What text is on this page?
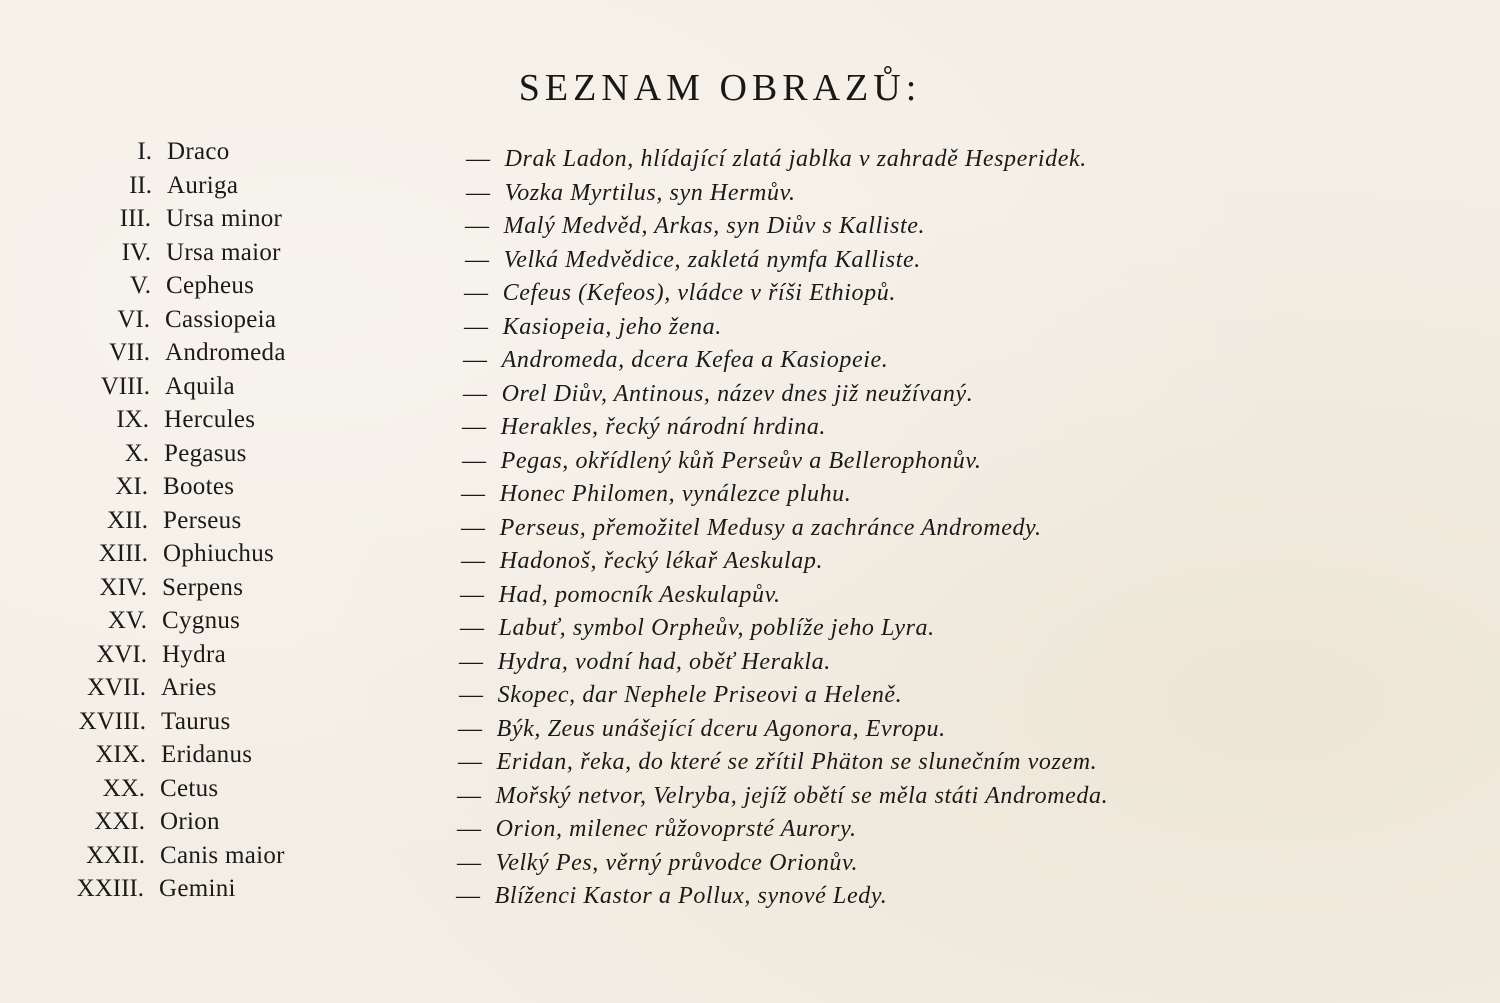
SEZNAM OBRAZŮ:
I. Draco	— Drak Ladon, hlídající zlatá jablka v zahradě Hesperidek.
II. Auriga	— Vozka Myrtilus, syn Hermův.
III. Ursa minor	— Malý Medvěd, Arkas, syn Diův s Kalliste.
IV. Ursa maior	— Velká Medvědice, zakletá nymfa Kalliste.
V. Cepheus	— Cefeus (Kefeos), vládce v říši Ethiopů.
VI. Cassiopeia	— Kasiopeia, jeho žena.
VII. Andromeda	— Andromeda, dcera Kefea a Kasiopeie.
VIII. Aquila	— Orel Diův, Antinous, název dnes již neužívaný.
IX. Hercules	— Herakles, řecký národní hrdina.
X. Pegasus	— Pegas, okřídlený kůň Perseův a Bellerophonův.
XI. Bootes	— Honec Philomen, vynálezce pluhu.
XII. Perseus	— Perseus, přemožitel Medusy a zachránce Andromedy.
XIII. Ophiuchus	— Hadonoš, řecký lékař Aeskulap.
XIV. Serpens	— Had, pomocník Aeskulapův.
XV. Cygnus	— Labuť, symbol Orpheův, poblíže jeho Lyra.
XVI. Hydra	— Hydra, vodní had, oběť Herakla.
XVII. Aries	— Skopec, dar Nephele Priseovi a Heleně.
XVIII. Taurus	— Býk, Zeus unášející dceru Agonora, Evropu.
XIX. Eridanus	— Eridan, řeka, do které se zřítil Phäton se slunečním vozem.
XX. Cetus	— Mořský netvor, Velryba, jejíž obětí se měla státi Andromeda.
XXI. Orion	— Orion, milenec růžovoprsté Aurory.
XXII. Canis maior	— Velký Pes, věrný průvodce Orionův.
XXIII. Gemini	— Blíženci Kastor a Pollux, synové Ledy.
